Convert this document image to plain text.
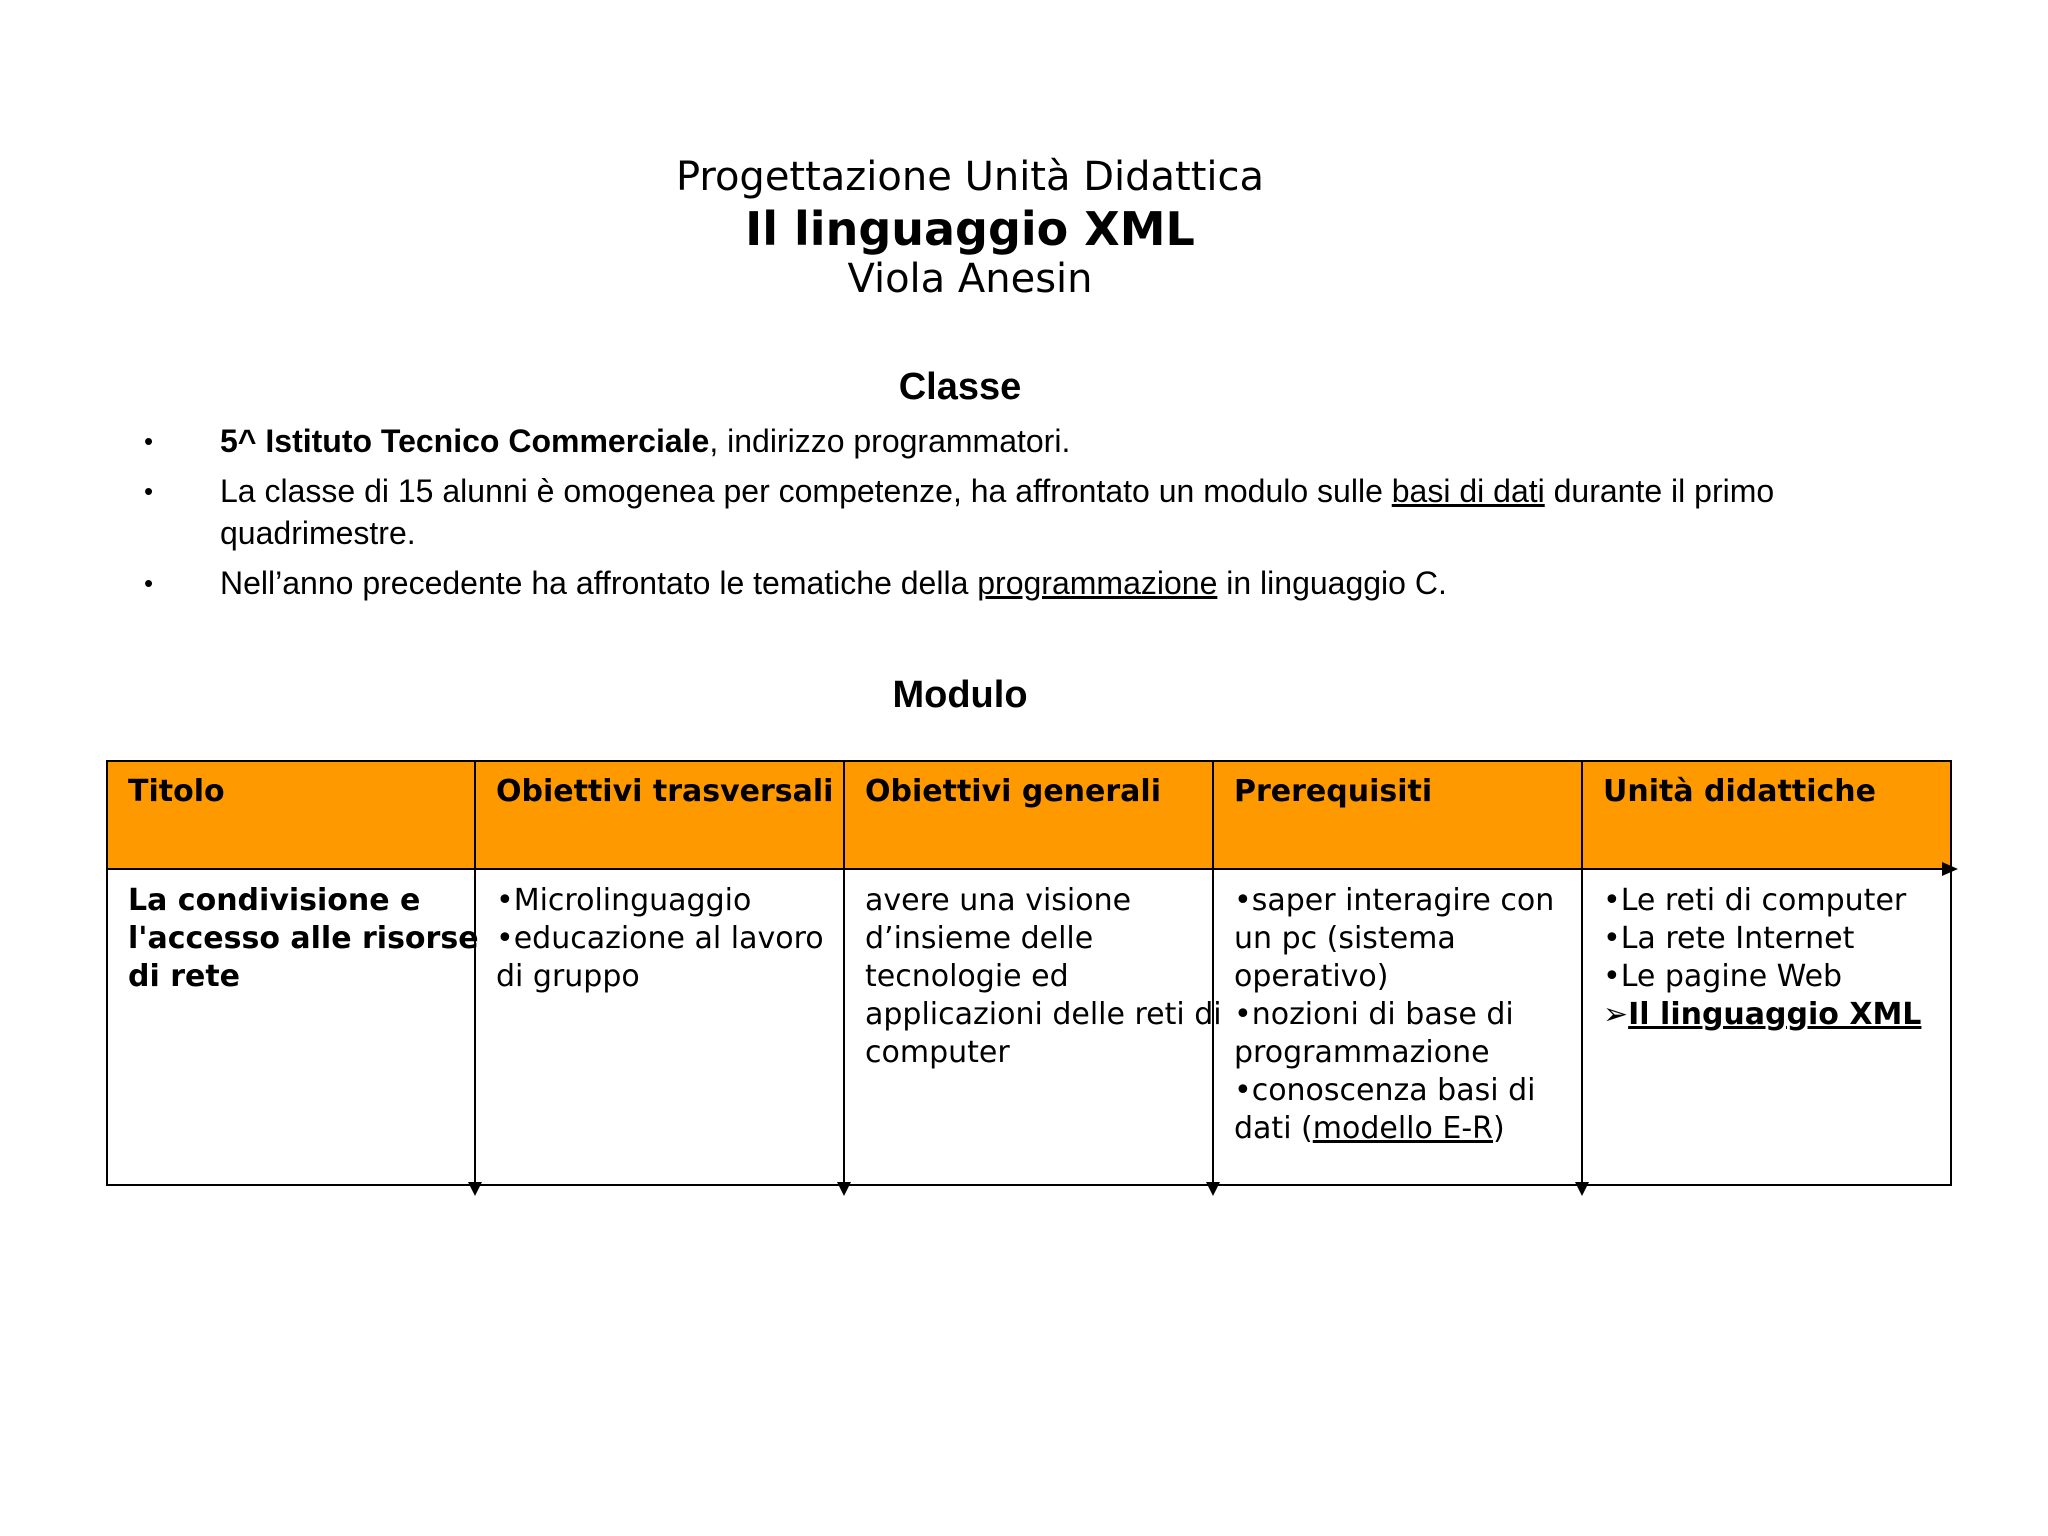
Progettazione Unità Didattica
Il linguaggio XML
Viola Anesin
Classe
• 5^ Istituto Tecnico Commerciale, indirizzo programmatori.
• La classe di 15 alunni è omogenea per competenze, ha affrontato un modulo sulle basi di dati durante il primo
quadrimestre.
• Nell’anno precedente ha affrontato le tematiche della programmazione in linguaggio C.
Modulo
Titolo
La condivisione e
l'accesso alle risorse
di rete
Obiettivi trasversali
•Microlinguaggio
•educazione al lavoro
di gruppo
Obiettivi generali
avere una visione
d’insieme delle
tecnologie ed
applicazioni delle reti di
computer
Prerequisiti
•saper interagire con
un pc (sistema
operativo)
•nozioni di base di
programmazione
•conoscenza basi di
dati (modello E-R)
Unità didattiche
•Le reti di computer
•La rete Internet
•Le pagine Web
➢Il linguaggio XML
